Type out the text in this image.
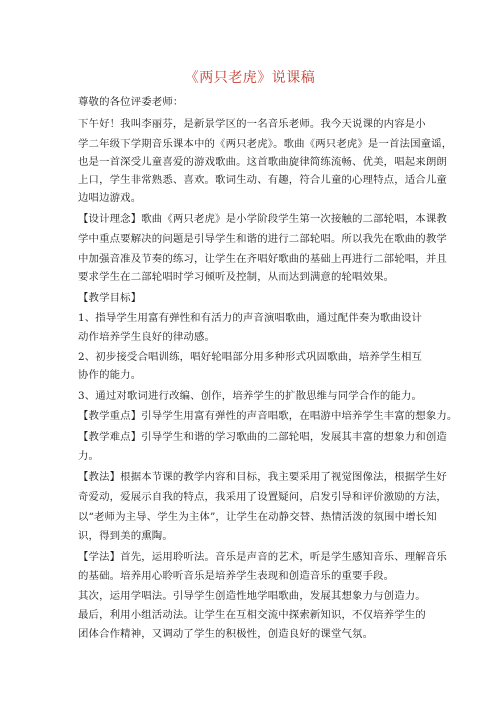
《两只老虎》说课稿
尊敬的各位评委老师：
下午好！我叫李丽芬，是新景学区的一名音乐老师。我今天说课的内容是小
学二年级下学期音乐课本中的《两只老虎》。歌曲《两只老虎》是一首法国童谣，
也是一首深受儿童喜爱的游戏歌曲。这首歌曲旋律简练流畅、优美，唱起来朗朗
上口，学生非常熟悉、喜欢。歌词生动、有趣，符合儿童的心理特点，适合儿童
边唱边游戏。
【设计理念】歌曲《两只老虎》是小学阶段学生第一次接触的二部轮唱，本课教
学中重点要解决的问题是引导学生和谐的进行二部轮唱。所以我先在歌曲的教学
中加强音准及节奏的练习，让学生在齐唱好歌曲的基础上再进行二部轮唱，并且
要求学生在二部轮唱时学习倾听及控制，从而达到满意的轮唱效果。
【教学目标】
1、指导学生用富有弹性和有活力的声音演唱歌曲，通过配伴奏为歌曲设计
动作培养学生良好的律动感。
2、初步接受合唱训练，唱好轮唱部分用多种形式巩固歌曲，培养学生相互
协作的能力。
3、通过对歌词进行改编、创作，培养学生的扩散思维与同学合作的能力。
【教学重点】引导学生用富有弹性的声音唱歌，在唱游中培养学生丰富的想象力。
【教学难点】引导学生和谐的学习歌曲的二部轮唱，发展其丰富的想象力和创造
力。
【教法】根据本节课的教学内容和目标，我主要采用了视觉图像法，根据学生好
奇爱动，爱展示自我的特点，我采用了设置疑问，启发引导和评价激励的方法，
以“老师为主导、学生为主体”，让学生在动静交替、热情活泼的氛围中增长知
识，得到美的熏陶。
【学法】首先，运用聆听法。音乐是声音的艺术，听是学生感知音乐、理解音乐
的基础。培养用心聆听音乐是培养学生表现和创造音乐的重要手段。
其次，运用学唱法。引导学生创造性地学唱歌曲，发展其想象力与创造力。
最后，利用小组活动法。让学生在互相交流中探索新知识，不仅培养学生的
团体合作精神，又调动了学生的积极性，创造良好的课堂气氛。
